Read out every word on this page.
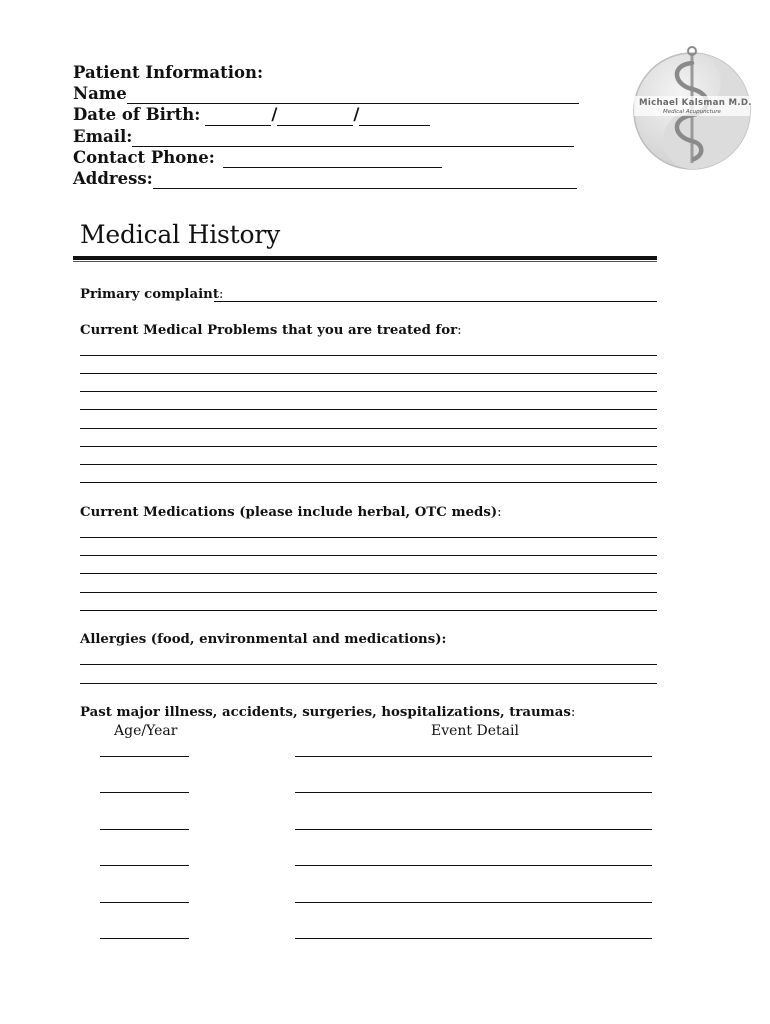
Patient Information:
Name
Date of Birth:	/	/
Email:
Contact Phone:
Address:
Michael Kalsman M.D.
Medical Acupuncture
Medical History
Primary complaint:
Current Medical Problems that you are treated for:
Current Medications (please include herbal, OTC meds):
Allergies (food, environmental and medications):
Past major illness, accidents, surgeries, hospitalizations, traumas:
Age/Year	Event Detail
